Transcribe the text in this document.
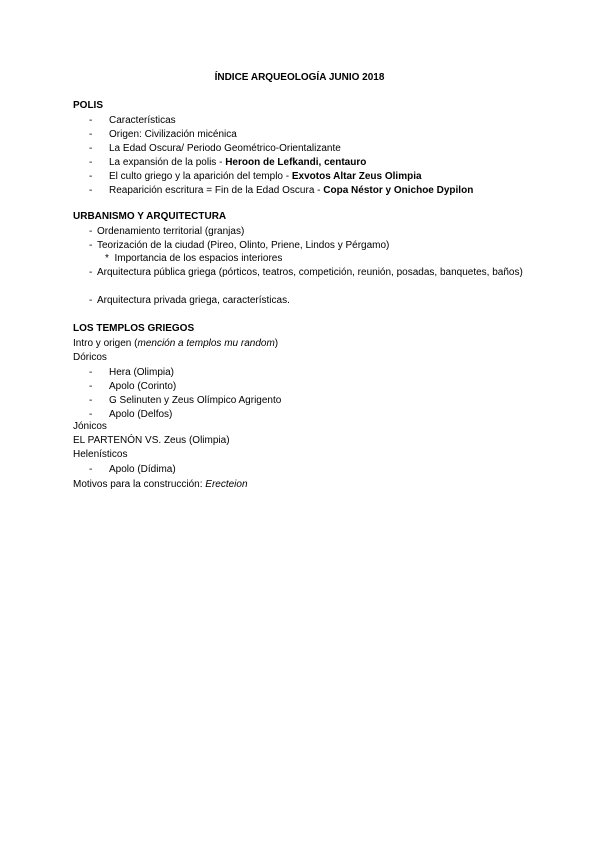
ÍNDICE ARQUEOLOGÍA JUNIO 2018
POLIS
- Características
- Origen: Civilización micénica
- La Edad Oscura/ Periodo Geométrico-Orientalizante
- La expansión de la polis - Heroon de Lefkandi, centauro
- El culto griego y la aparición del templo - Exvotos Altar Zeus Olimpia
- Reaparición escritura = Fin de la Edad Oscura - Copa Néstor y Onichoe Dypilon
URBANISMO Y ARQUITECTURA
- Ordenamiento territorial (granjas)
- Teorización de la ciudad (Pireo, Olinto, Priene, Lindos y Pérgamo)
* Importancia de los espacios interiores
- Arquitectura pública griega (pórticos, teatros, competición, reunión, posadas, banquetes, baños)
- Arquitectura privada griega, características.
LOS TEMPLOS GRIEGOS
Intro y origen (mención a templos mu random)
Dóricos
- Hera (Olimpia)
- Apolo (Corinto)
- G Selinuten y Zeus Olímpico Agrigento
- Apolo (Delfos)
Jónicos
EL PARTENÓN VS. Zeus (Olimpia)
Helenísticos
- Apolo (Dídima)
Motivos para la construcción: Erecteion
